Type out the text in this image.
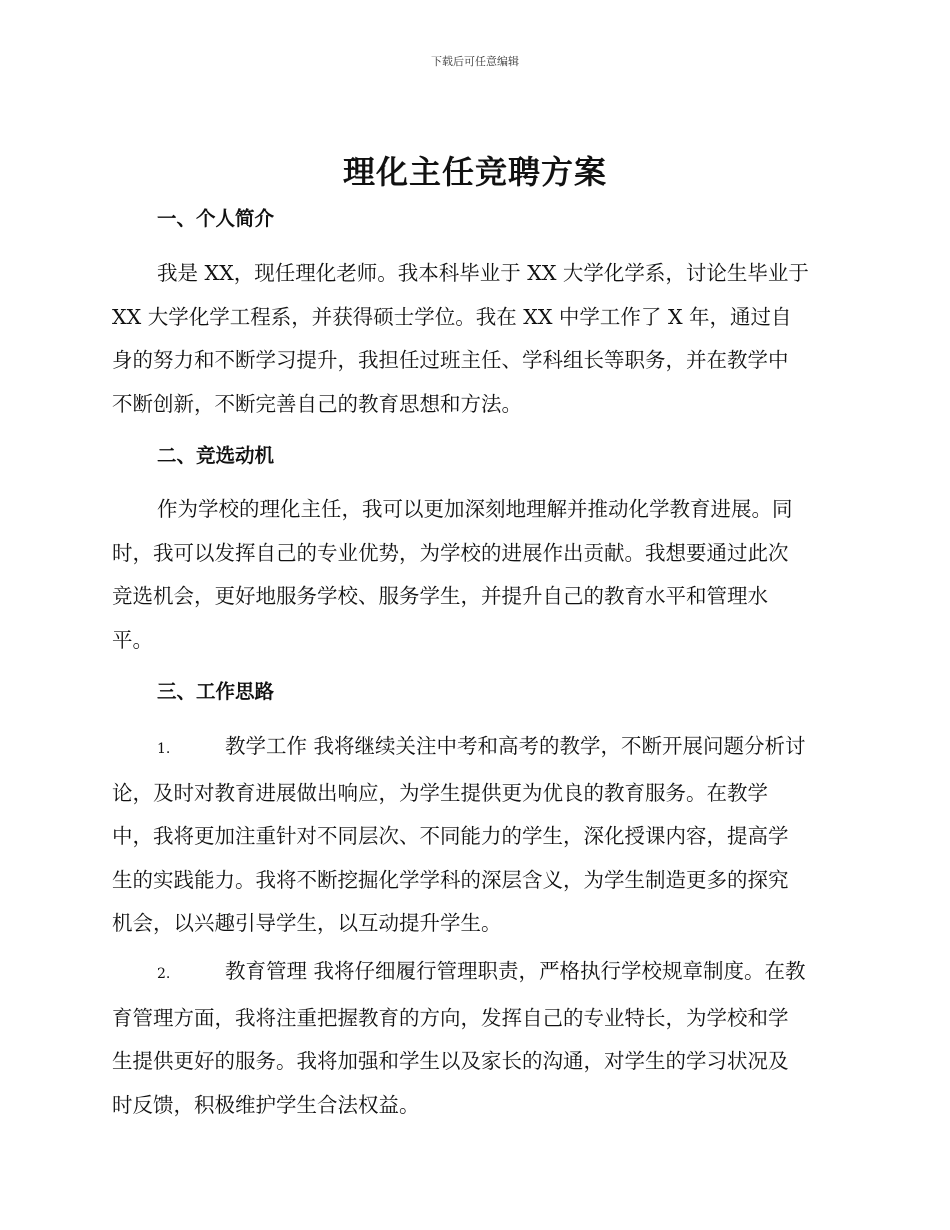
下载后可任意编辑
理化主任竞聘方案
一、个人简介
我是 XX，现任理化老师。我本科毕业于 XX 大学化学系，讨论生毕业于
XX 大学化学工程系，并获得硕士学位。我在 XX 中学工作了 X 年，通过自
身的努力和不断学习提升，我担任过班主任、学科组长等职务，并在教学中
不断创新，不断完善自己的教育思想和方法。
二、竞选动机
作为学校的理化主任，我可以更加深刻地理解并推动化学教育进展。同
时，我可以发挥自己的专业优势，为学校的进展作出贡献。我想要通过此次
竞选机会，更好地服务学校、服务学生，并提升自己的教育水平和管理水
平。
三、工作思路
1.	教学工作 我将继续关注中考和高考的教学，不断开展问题分析讨
论，及时对教育进展做出响应，为学生提供更为优良的教育服务。在教学
中，我将更加注重针对不同层次、不同能力的学生，深化授课内容，提高学
生的实践能力。我将不断挖掘化学学科的深层含义，为学生制造更多的探究
机会，以兴趣引导学生，以互动提升学生。
2.	教育管理 我将仔细履行管理职责，严格执行学校规章制度。在教
育管理方面，我将注重把握教育的方向，发挥自己的专业特长，为学校和学
生提供更好的服务。我将加强和学生以及家长的沟通，对学生的学习状况及
时反馈，积极维护学生合法权益。
